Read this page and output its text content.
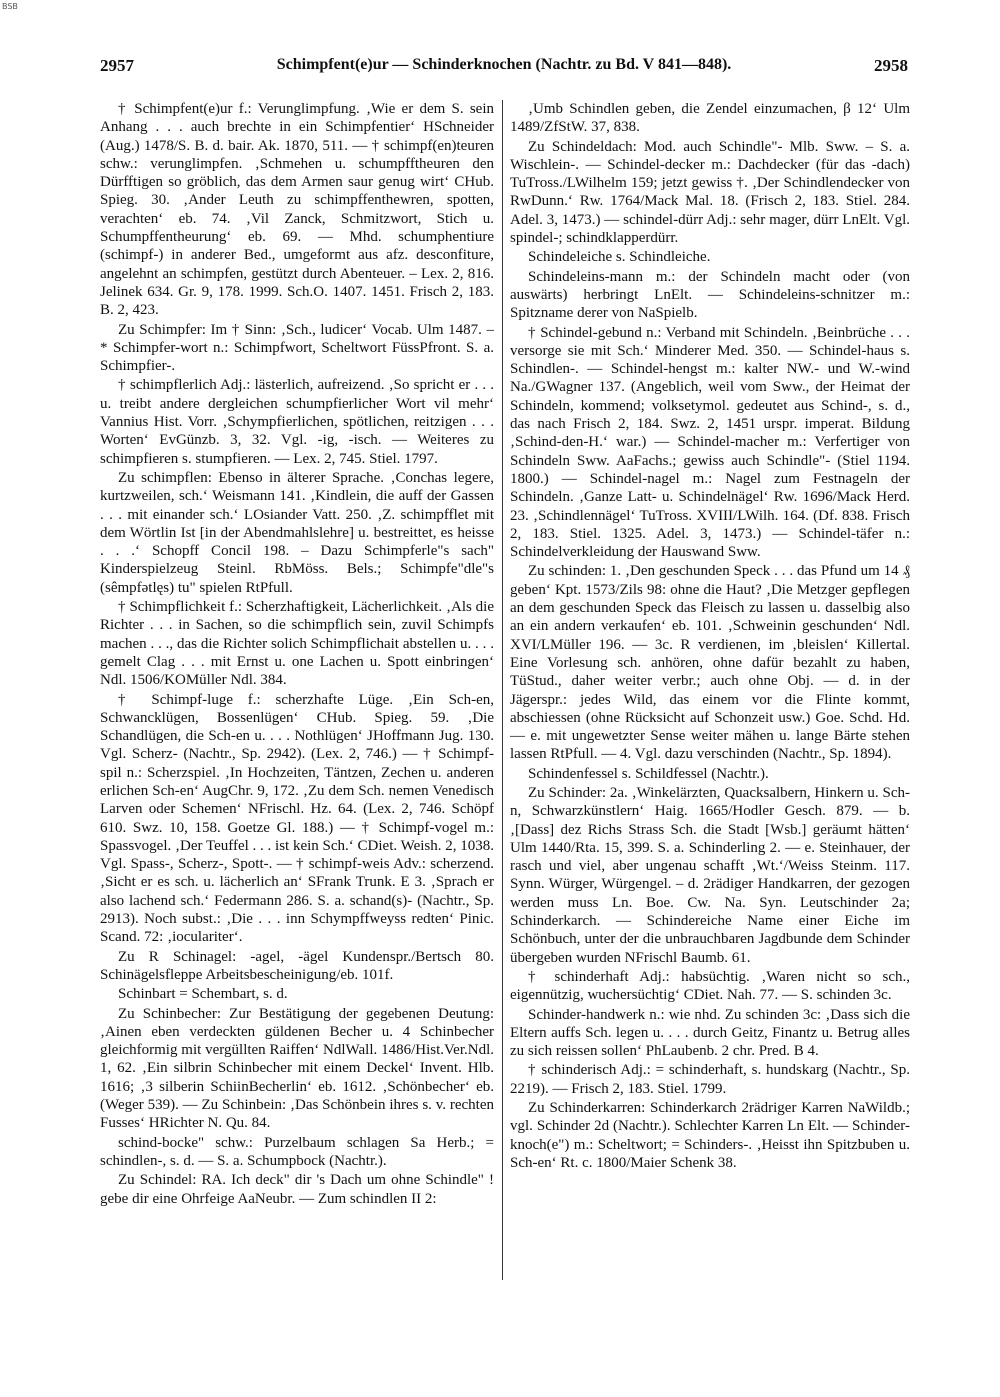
BSB
2957	Schimpfent(e)ur — Schinderknochen (Nachtr. zu Bd. V 841—848).	2958

† Schimpfent(e)ur f.: Verunglimpfung. ‚Wie er dem S. sein Anhang . . . auch brechte in ein Schimpfentier‘ HSchneider (Aug.) 1478/S. B. d. bair. Ak. 1870, 511. — † schimpf(en)teuren schw.: verunglimpfen. ‚Schmehen u. schumpfftheuren den Dürfftigen so gröblich, das dem Armen saur genug wirt‘ CHub. Spieg. 30. ‚Ander Leuth zu schimpffenthewren, spotten, verachten‘ eb. 74. ‚Vil Zanck, Schmitzwort, Stich u. Schumpffentheurung‘ eb. 69. — Mhd. schumphentiure (schimpf-) in anderer Bed., umgeformt aus afz. desconfiture, angelehnt an schimpfen, gestützt durch Abenteuer. – Lex. 2, 816. Jelinek 634. Gr. 9, 178. 1999. Sch.O. 1407. 1451. Frisch 2, 183. B. 2, 423.

Zu Schimpfer: Im † Sinn: ‚Sch., ludicer‘ Vocab. Ulm 1487. – * Schimpfer-wort n.: Schimpfwort, Scheltwort FüssPfront. S. a. Schimpfier-.

† schimpflerlich Adj.: lästerlich, aufreizend. ‚So spricht er . . . u. treibt andere dergleichen schumpfierlicher Wort vil mehr‘ Vannius Hist. Vorr. ‚Schympfierlichen, spötlichen, reitzigen . . . Worten‘ EvGünzb. 3, 32. Vgl. -ig, -isch. — Weiteres zu schimpfieren s. stumpfieren. — Lex. 2, 745. Stiel. 1797.

Zu schimpflen: Ebenso in älterer Sprache. ‚Conchas legere, kurtzweilen, sch.‘ Weismann 141. ‚Kindlein, die auff der Gassen . . . mit einander sch.‘ LOsiander Vatt. 250. ‚Z. schimpfflet mit dem Wörtlin Ist [in der Abendmahlslehre] u. bestreittet, es heisse . . .‘ Schopff Concil 198. – Dazu Schimpferle"s sach" Kinderspielzeug Steinl. RbMöss. Bels.; Schimpfe"dle"s (sêmpfətlęs) tu" spielen RtPfull.

† Schimpflichkeit f.: Scherzhaftigkeit, Lächerlichkeit. ‚Als die Richter . . . in Sachen, so die schimpflich sein, zuvil Schimpfs machen . . ., das die Richter solich Schimpflichait abstellen u. . . . gemelt Clag . . . mit Ernst u. one Lachen u. Spott einbringen‘ Ndl. 1506/KOMüller Ndl. 384.

† Schimpf-luge f.: scherzhafte Lüge. ‚Ein Sch-en, Schwancklügen, Bossenlügen‘ CHub. Spieg. 59. ‚Die Schandlügen, die Sch-en u. . . . Nothlügen‘ JHoffmann Jug. 130. Vgl. Scherz- (Nachtr., Sp. 2942). (Lex. 2, 746.) — † Schimpf-spil n.: Scherzspiel. ‚In Hochzeiten, Täntzen, Zechen u. anderen erlichen Sch-en‘ AugChr. 9, 172. ‚Zu dem Sch. nemen Venedisch Larven oder Schemen‘ NFrischl. Hz. 64. (Lex. 2, 746. Schöpf 610. Swz. 10, 158. Goetze Gl. 188.) — † Schimpf-vogel m.: Spassvogel. ‚Der Teuffel . . . ist kein Sch.‘ CDiet. Weish. 2, 1038. Vgl. Spass-, Scherz-, Spott-. — † schimpf-weis Adv.: scherzend. ‚Sicht er es sch. u. lächerlich an‘ SFrank Trunk. E 3. ‚Sprach er also lachend sch.‘ Federmann 286. S. a. schand(s)- (Nachtr., Sp. 2913). Noch subst.: ‚Die . . . inn Schympffweyss redten‘ Pinic. Scand. 72: ‚iocularitеr‘.

Zu R Schinagel: -agel, -ägel Kundenspr./Bertsch 80. Schinägelsfleppe Arbeitsbescheinigung/eb. 101f.

Schinbart = Schembart, s. d.

Zu Schinbecher: Zur Bestätigung der gegebenen Deutung: ‚Ainen eben verdeckten güldenen Becher u. 4 Schinbecher gleichformig mit vergüllten Raiffen‘ NdlWall. 1486/Hist.Ver.Ndl. 1, 62. ‚Ein silbrin Schinbecher mit einem Deckel‘ Invent. Hlb. 1616; ‚3 silberin SchiinBecherlin‘ eb. 1612. ‚Schönbecher‘ eb. (Weger 539). — Zu Schinbein: ‚Das Schönbein ihres s. v. rechten Fusses‘ HRichter N. Qu. 84.

schind-bocke" schw.: Purzelbaum schlagen Sa Herb.; = schindlen-, s. d. — S. a. Schumpbock (Nachtr.).

Zu Schindel: RA. Ich deck" dir 's Dach um ohne Schindle" ! gebe dir eine Ohrfeige AaNeubr. — Zum schindlen II 2:

‚Umb Schindlen geben, die Zendel einzumachen, β 12‘ Ulm 1489/ZfStW. 37, 838.

Zu Schindeldach: Mod. auch Schindle"- Mlb. Sww. – S. a. Wischlein-. — Schindel-decker m.: Dachdecker (für das -dach) TuTross./LWilhelm 159; jetzt gewiss †. ‚Der Schindlendecker von RwDunn.‘ Rw. 1764/Mack Mal. 18. (Frisch 2, 183. Stiel. 284. Adel. 3, 1473.) — schindel-dürr Adj.: sehr mager, dürr LnElt. Vgl. spindel-; schindklapperdürr.

Schindeleiche s. Schindleiche.

Schindeleins-mann m.: der Schindeln macht oder (von auswärts) herbringt LnElt. — Schindeleins-schnitzer m.: Spitzname derer von NaSpielb.

† Schindel-gebund n.: Verband mit Schindeln. ‚Beinbrüche . . . versorge sie mit Sch.‘ Minderer Med. 350. — Schindel-haus s. Schindlen-. — Schindel-hengst m.: kalter NW.- und W.-wind Na./GWagner 137. (Angeblich, weil vom Sww., der Heimat der Schindeln, kommend; volksetymol. gedeutet aus Schind-, s. d., das nach Frisch 2, 184. Swz. 2, 1451 urspr. imperat. Bildung ‚Schind-den-H.‘ war.) — Schindel-macher m.: Verfertiger von Schindeln Sww. AaFachs.; gewiss auch Schindle"- (Stiel 1194. 1800.) — Schindel-nagel m.: Nagel zum Festnageln der Schindeln. ‚Ganze Latt- u. Schindelnägel‘ Rw. 1696/Mack Herd. 23. ‚Schindlennägel‘ TuTross. XVIII/LWilh. 164. (Df. 838. Frisch 2, 183. Stiel. 1325. Adel. 3, 1473.) — Schindel-täfer n.: Schindelverkleidung der Hauswand Sww.

Zu schinden: 1. ‚Den geschunden Speck . . . das Pfund um 14 ₰ geben‘ Kpt. 1573/Zils 98: ohne die Haut? ‚Die Metzger gepflegen an dem geschunden Speck das Fleisch zu lassen u. dasselbig also an ein andern verkaufen‘ eb. 101. ‚Schweinin geschunden‘ Ndl. XVI/LMüller 196. — 3c. R verdienen, im ‚bleislen‘ Killertal. Eine Vorlesung sch. anhören, ohne dafür bezahlt zu haben, TüStud., daher weiter verbr.; auch ohne Obj. — d. in der Jägerspr.: jedes Wild, das einem vor die Flinte kommt, abschiessen (ohne Rücksicht auf Schonzeit usw.) Goe. Schd. Hd. — e. mit ungewetzter Sense weiter mähen u. lange Bärte stehen lassen RtPfull. — 4. Vgl. dazu verschinden (Nachtr., Sp. 1894).

Schindenfessel s. Schildfessel (Nachtr.).

Zu Schinder: 2a. ‚Winkelärzten, Quacksalbern, Hinkern u. Sch-n, Schwarzkünstlern‘ Haig. 1665/Hodler Gesch. 879. — b. ‚[Dass] dez Richs Strass Sch. die Stadt [Wsb.] geräumt hätten‘ Ulm 1440/Rta. 15, 399. S. a. Schinderling 2. — e. Steinhauer, der rasch und viel, aber ungenau schafft ‚Wt.‘/Weiss Steinm. 117. Synn. Würger, Würgengel. – d. 2rädiger Handkarren, der gezogen werden muss Ln. Boe. Cw. Na. Syn. Leutschinder 2a; Schinderkarch. — Schindereiche Name einer Eiche im Schönbuch, unter der die unbrauchbaren Jagdbunde dem Schinder übergeben wurden NFrischl Baumb. 61.

† schinderhaft Adj.: habsüchtig. ‚Waren nicht so sch., eigennützig, wuchersüchtig‘ CDiet. Nah. 77. — S. schinden 3c.

Schinder-handwerk n.: wie nhd. Zu schinden 3c: ‚Dass sich die Eltern auffs Sch. legen u. . . . durch Geitz, Finantz u. Betrug alles zu sich reissen sollen‘ PhLaubenb. 2 chr. Pred. B 4.

† schinderisch Adj.: = schinderhaft, s. hundskarg (Nachtr., Sp. 2219). — Frisch 2, 183. Stiel. 1799.

Zu Schinderkarren: Schinderkarch 2rädriger Karren NaWildb.; vgl. Schinder 2d (Nachtr.). Schlechter Karren Ln Elt. — Schinder-knoch(e") m.: Scheltwort; = Schinders-. ‚Heisst ihn Spitzbuben u. Sch-en‘ Rt. c. 1800/Maier Schenk 38.
